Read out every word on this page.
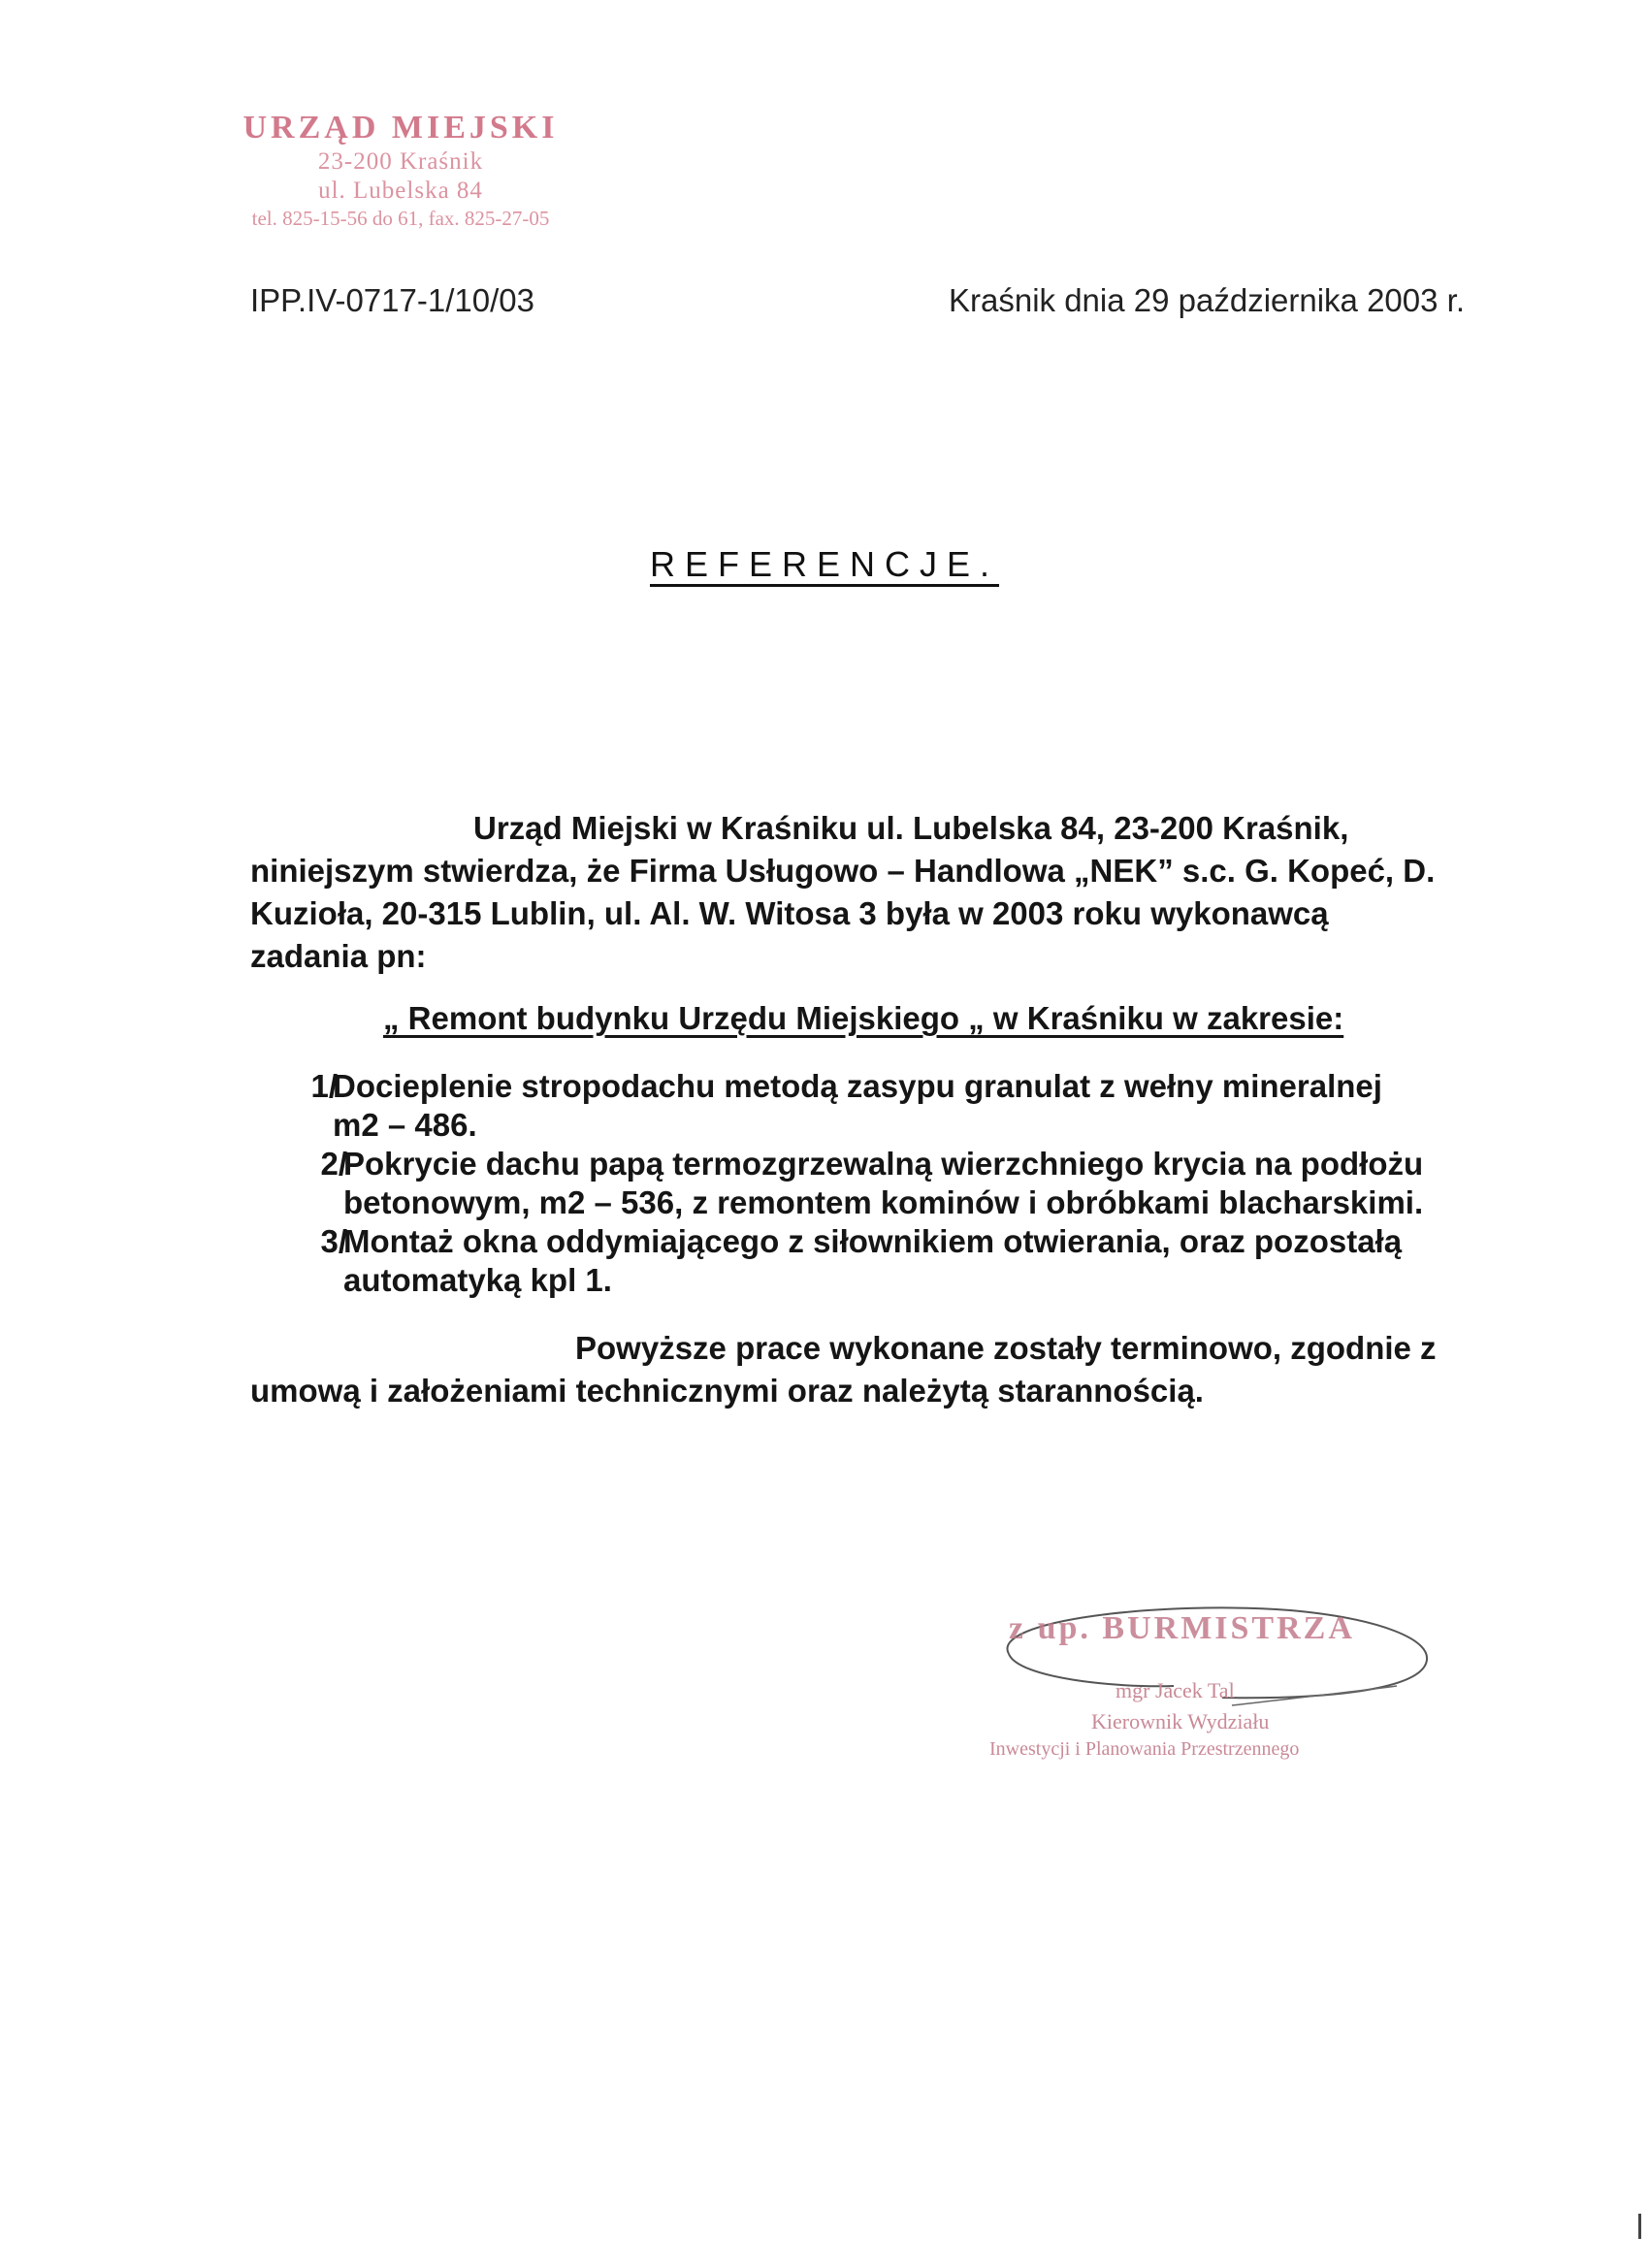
URZĄD MIEJSKI
23-200 Kraśnik
ul. Lubelska 84
tel. 825-15-56 do 61, fax. 825-27-05
IPP.IV-0717-1/10/03	Kraśnik dnia 29 października 2003 r.
REFERENCJE.
Urząd Miejski w Kraśniku ul. Lubelska 84, 23-200 Kraśnik, niniejszym stwierdza, że Firma Usługowo – Handlowa „NEK” s.c. G. Kopeć, D. Kuzioła, 20-315 Lublin, ul. Al. W. Witosa 3 była w 2003 roku wykonawcą zadania pn:
„ Remont budynku Urzędu Miejskiego „ w Kraśniku w zakresie:
1/
Docieplenie stropodachu metodą zasypu granulat z wełny mineralnej
m2 – 486.
2/
Pokrycie dachu papą termozgrzewalną wierzchniego krycia na podłożu
betonowym, m2 – 536, z remontem kominów i obróbkami blacharskimi.
3/
Montaż okna oddymiającego z siłownikiem otwierania, oraz pozostałą
automatyką kpl 1.
Powyższe prace wykonane zostały terminowo, zgodnie z
umową i założeniami technicznymi oraz należytą starannością.
z up. BURMISTRZA
mgr Jacek Tal
Kierownik Wydziału
Inwestycji i Planowania Przestrzennego
